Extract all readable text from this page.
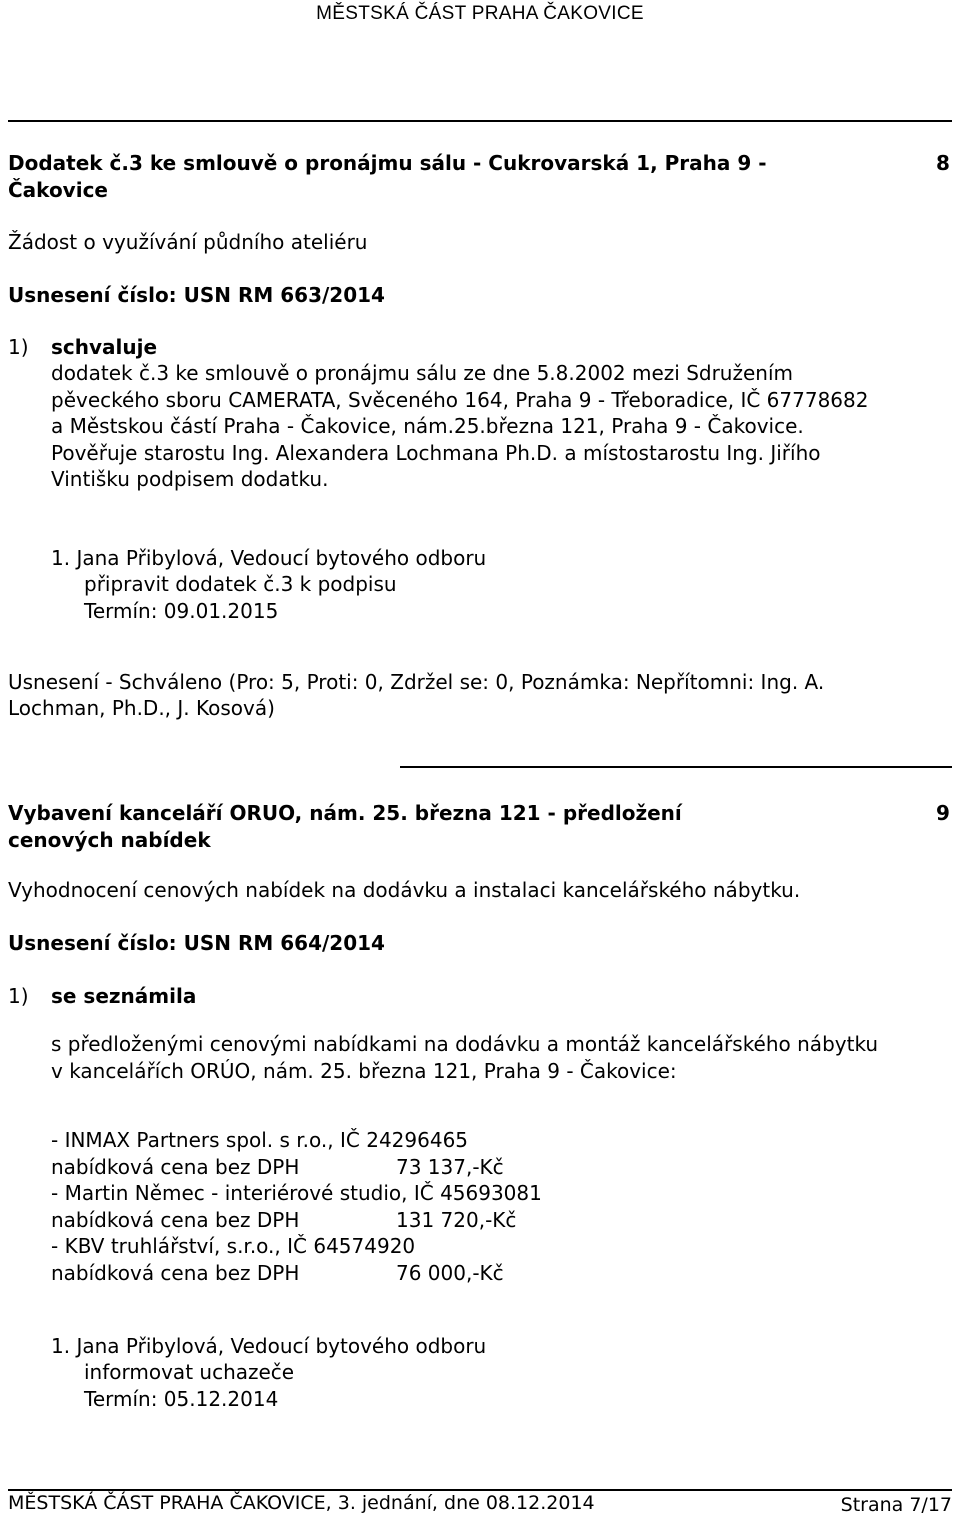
MĚSTSKÁ ČÁST PRAHA ČAKOVICE
Dodatek č.3 ke smlouvě o pronájmu sálu - Cukrovarská 1, Praha 9 -
Čakovice
8
Žádost o využívání půdního ateliéru
Usnesení číslo: USN RM 663/2014
1) schvaluje
dodatek č.3 ke smlouvě o pronájmu sálu ze dne 5.8.2002 mezi Sdružením
pěveckého sboru CAMERATA, Svěceného 164, Praha 9 - Třeboradice, IČ 67778682
a Městskou částí Praha - Čakovice, nám.25.března 121, Praha 9 - Čakovice.
Pověřuje starostu Ing. Alexandera Lochmana Ph.D. a místostarostu Ing. Jiřího
Vintišku podpisem dodatku.
1. Jana Přibylová, Vedoucí bytového odboru
připravit dodatek č.3 k podpisu
Termín: 09.01.2015
Usnesení - Schváleno (Pro: 5, Proti: 0, Zdržel se: 0, Poznámka: Nepřítomni: Ing. A.
Lochman, Ph.D., J. Kosová)
Vybavení kanceláří ORUO, nám. 25. března 121 - předložení
cenových nabídek
9
Vyhodnocení cenových nabídek na dodávku a instalaci kancelářského nábytku.
Usnesení číslo: USN RM 664/2014
1) se seznámila
s předloženými cenovými nabídkami na dodávku a montáž kancelářského nábytku
v kancelářích ORÚO, nám. 25. března 121, Praha 9 - Čakovice:
- INMAX Partners spol. s r.o., IČ 24296465
nabídková cena bez DPH	73 137,-Kč
- Martin Němec - interiérové studio, IČ 45693081
nabídková cena bez DPH	131 720,-Kč
- KBV truhlářství, s.r.o., IČ 64574920
nabídková cena bez DPH	76 000,-Kč
1. Jana Přibylová, Vedoucí bytového odboru
informovat uchazeče
Termín: 05.12.2014
MĚSTSKÁ ČÁST PRAHA ČAKOVICE, 3. jednání, dne 08.12.2014	Strana 7/17
